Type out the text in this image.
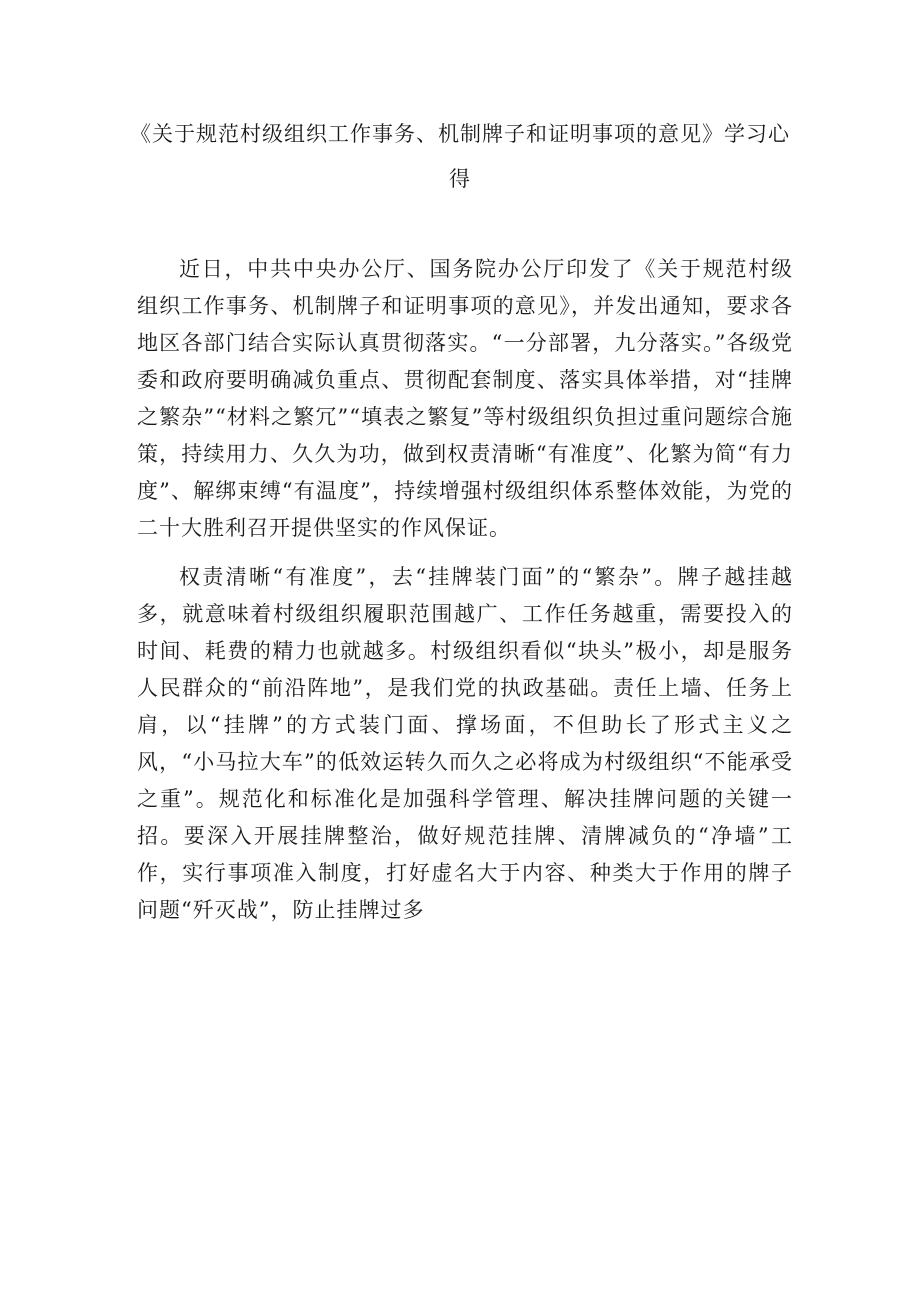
《关于规范村级组织工作事务、机制牌子和证明事项的意见》学习心得

近日，中共中央办公厅、国务院办公厅印发了《关于规范村级组织工作事务、机制牌子和证明事项的意见》，并发出通知，要求各地区各部门结合实际认真贯彻落实。“一分部署，九分落实。”各级党委和政府要明确减负重点、贯彻配套制度、落实具体举措，对“挂牌之繁杂”“材料之繁冗”“填表之繁复”等村级组织负担过重问题综合施策，持续用力、久久为功，做到权责清晰“有准度”、化繁为简“有力度”、解绑束缚“有温度”，持续增强村级组织体系整体效能，为党的二十大胜利召开提供坚实的作风保证。

权责清晰“有准度”，去“挂牌装门面”的“繁杂”。牌子越挂越多，就意味着村级组织履职范围越广、工作任务越重，需要投入的时间、耗费的精力也就越多。村级组织看似“块头”极小，却是服务人民群众的“前沿阵地”，是我们党的执政基础。责任上墙、任务上肩，以“挂牌”的方式装门面、撑场面，不但助长了形式主义之风，“小马拉大车”的低效运转久而久之必将成为村级组织“不能承受之重”。规范化和标准化是加强科学管理、解决挂牌问题的关键一招。要深入开展挂牌整治，做好规范挂牌、清牌减负的“净墙”工作，实行事项准入制度，打好虚名大于内容、种类大于作用的牌子问题“歼灭战”，防止挂牌过多
